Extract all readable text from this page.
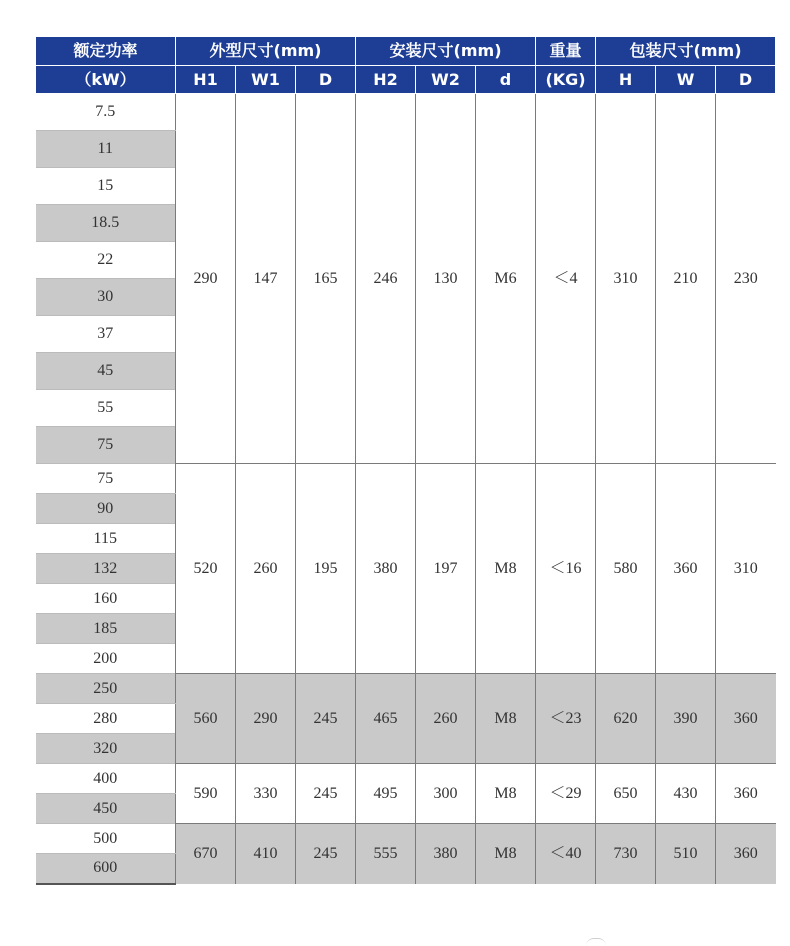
额定功率	外型尺寸(mm)			安装尺寸(mm)			重量	包装尺寸(mm)		
（kW）	H1	W1	D	H2	W2	d	(KG)	H	W	D
7.5	290	147	165	246	130	M6	＜4	310	210	230
11										
15										
18.5										
22										
30										
37										
45										
55										
75										
75	520	260	195	380	197	M8	＜16	580	360	310
90										
115										
132										
160										
185										
200										
250	560	290	245	465	260	M8	＜23	620	390	360
280										
320										
400	590	330	245	495	300	M8	＜29	650	430	360
450										
500	670	410	245	555	380	M8	＜40	730	510	360
600										
